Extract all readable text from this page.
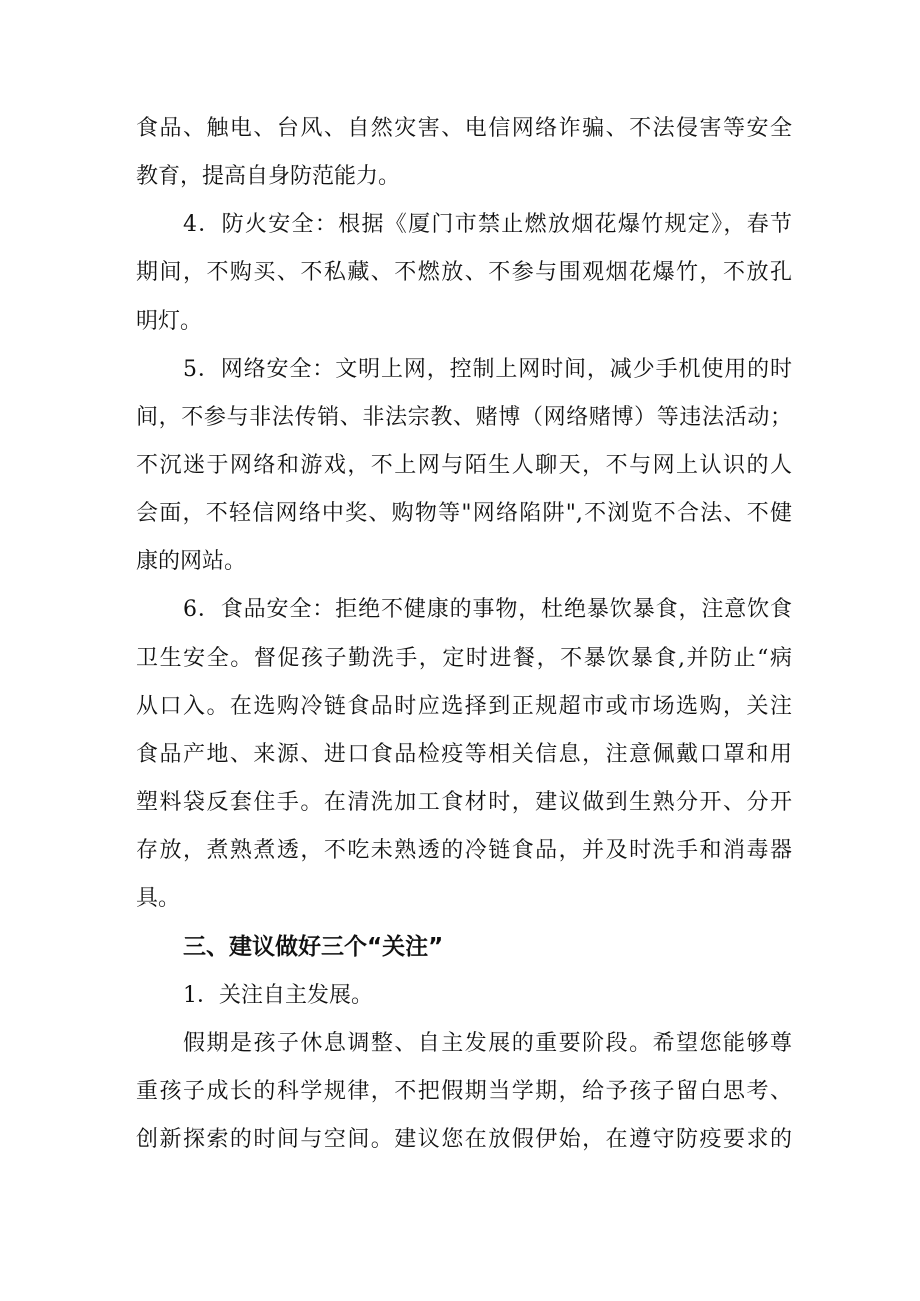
食品、触电、台风、自然灾害、电信网络诈骗、不法侵害等安全
教育，提高自身防范能力。
4．防火安全：根据《厦门市禁止燃放烟花爆竹规定》，春节
期间，不购买、不私藏、不燃放、不参与围观烟花爆竹，不放孔
明灯。
5．网络安全：文明上网，控制上网时间，减少手机使用的时
间，不参与非法传销、非法宗教、赌博（网络赌博）等违法活动；
不沉迷于网络和游戏，不上网与陌生人聊天，不与网上认识的人
会面，不轻信网络中奖、购物等"网络陷阱",不浏览不合法、不健
康的网站。
6．食品安全：拒绝不健康的事物，杜绝暴饮暴食，注意饮食
卫生安全。督促孩子勤洗手，定时进餐，不暴饮暴食,并防止“病
从口入。在选购冷链食品时应选择到正规超市或市场选购，关注
食品产地、来源、进口食品检疫等相关信息，注意佩戴口罩和用
塑料袋反套住手。在清洗加工食材时，建议做到生熟分开、分开
存放，煮熟煮透，不吃未熟透的冷链食品，并及时洗手和消毒器
具。
三、建议做好三个“关注”
1．关注自主发展。
假期是孩子休息调整、自主发展的重要阶段。希望您能够尊
重孩子成长的科学规律，不把假期当学期，给予孩子留白思考、
创新探索的时间与空间。建议您在放假伊始，在遵守防疫要求的
